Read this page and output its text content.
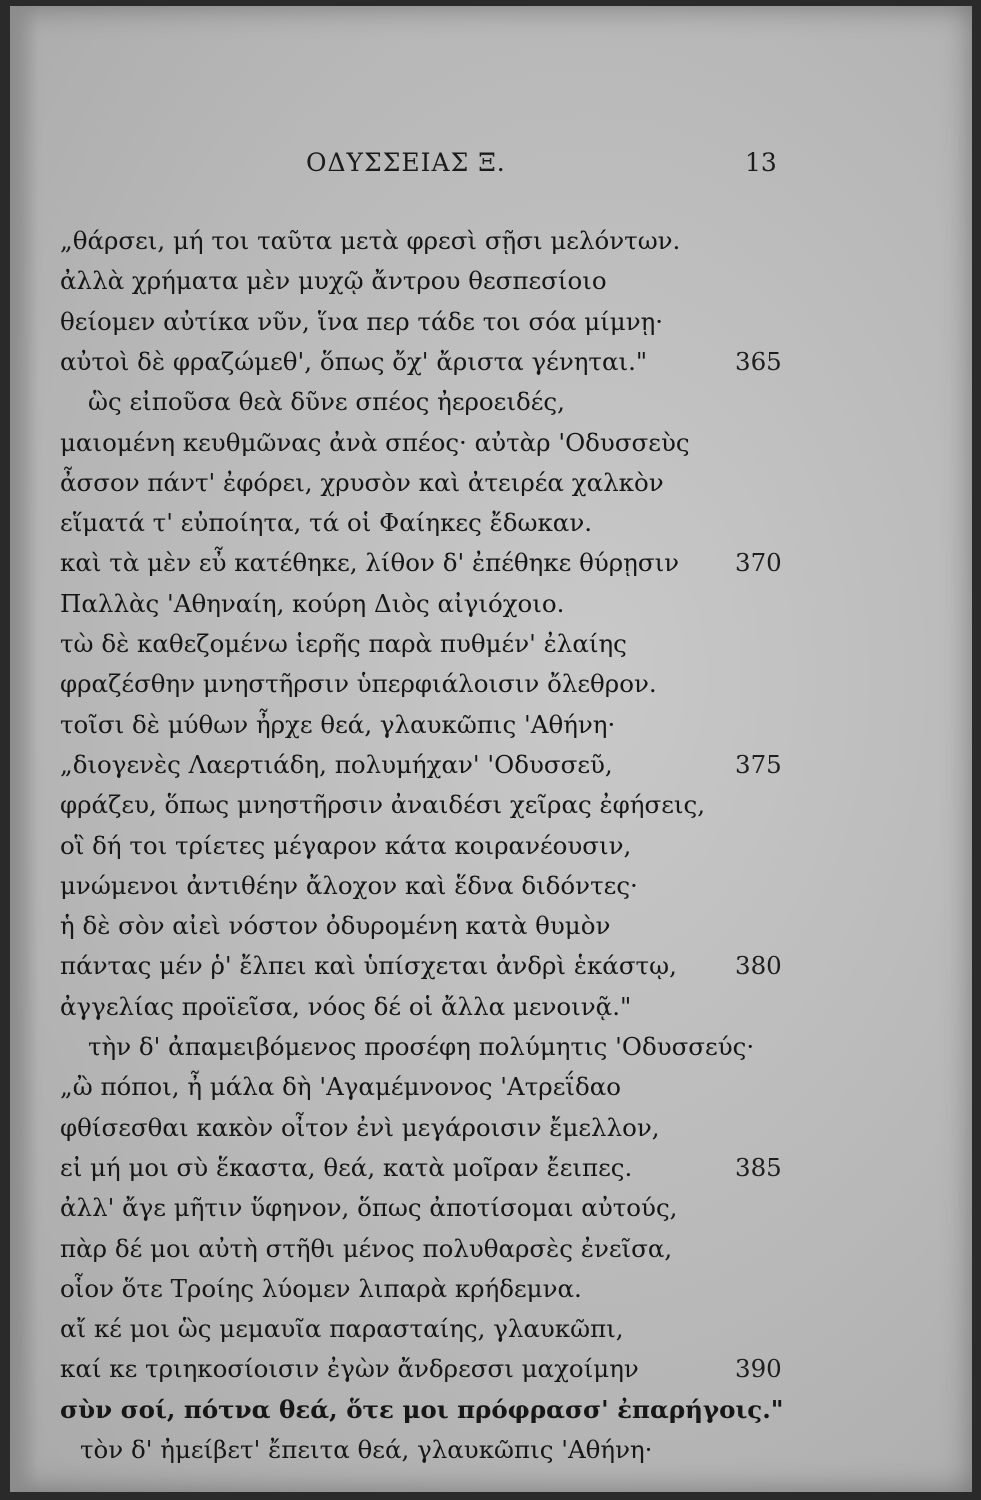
ΟΔΥΣΣΕΙΑΣ Ξ.	13
„θάρσει, μή τοι ταῦτα μετὰ φρεσὶ σῇσι μελόντων.
ἀλλὰ χρήματα μὲν μυχῷ ἄντρου θεσπεσίοιο
θείομεν αὐτίκα νῦν, ἵνα περ τάδε τοι σόα μίμνῃ·
αὐτοὶ δὲ φραζώμεθ', ὅπως ὄχ' ἄριστα γένηται."	365
ὣς εἰποῦσα θεὰ δῦνε σπέος ἠεροειδές,
μαιομένη κευθμῶνας ἀνὰ σπέος· αὐτὰρ 'Οδυσσεὺς
ἆσσον πάντ' ἐφόρει, χρυσὸν καὶ ἀτειρέα χαλκὸν
εἵματά τ' εὐποίητα, τά οἱ Φαίηκες ἔδωκαν.
καὶ τὰ μὲν εὖ κατέθηκε, λίθον δ' ἐπέθηκε θύρῃσιν 370
Παλλὰς 'Αθηναίη, κούρη Διὸς αἰγιόχοιο.
τὼ δὲ καθεζομένω ἱερῆς παρὰ πυθμέν' ἐλαίης
φραζέσθην μνηστῆρσιν ὑπερφιάλοισιν ὄλεθρον.
τοῖσι δὲ μύθων ἦρχε θεά, γλαυκῶπις 'Αθήνη·
„διογενὲς Λαερτιάδη, πολυμήχαν' 'Οδυσσεῦ,	375
φράζευ, ὅπως μνηστῆρσιν ἀναιδέσι χεῖρας ἐφήσεις,
οἳ δή τοι τρίετες μέγαρον κάτα κοιρανέουσιν,
μνώμενοι ἀντιθέην ἄλοχον καὶ ἕδνα διδόντες·
ἡ δὲ σὸν αἰεὶ νόστον ὀδυρομένη κατὰ θυμὸν
πάντας μέν ῥ' ἔλπει καὶ ὑπίσχεται ἀνδρὶ ἑκάστῳ, 380
ἀγγελίας προϊεῖσα, νόος δέ οἱ ἄλλα μενοινᾷ."
τὴν δ' ἀπαμειβόμενος προσέφη πολύμητις 'Οδυσσεύς·
„ὢ πόποι, ἦ μάλα δὴ 'Αγαμέμνονος 'Ατρεΐδαο
φθίσεσθαι κακὸν οἶτον ἐνὶ μεγάροισιν ἔμελλον,
εἰ μή μοι σὺ ἕκαστα, θεά, κατὰ μοῖραν ἔειπες.	385
ἀλλ' ἄγε μῆτιν ὕφηνον, ὅπως ἀποτίσομαι αὐτούς,
πὰρ δέ μοι αὐτὴ στῆθι μένος πολυθαρσὲς ἐνεῖσα,
οἷον ὅτε Τροίης λύομεν λιπαρὰ κρήδεμνα.
αἴ κέ μοι ὣς μεμαυῖα παρασταίης, γλαυκῶπι,
καί κε τριηκοσίοισιν ἐγὼν ἄνδρεσσι μαχοίμην	390
σὺν σοί, πότνα θεά, ὅτε μοι πρόφρασσ' ἐπαρήγοις."
τὸν δ' ἠμείβετ' ἔπειτα θεά, γλαυκῶπις 'Αθήνη·
